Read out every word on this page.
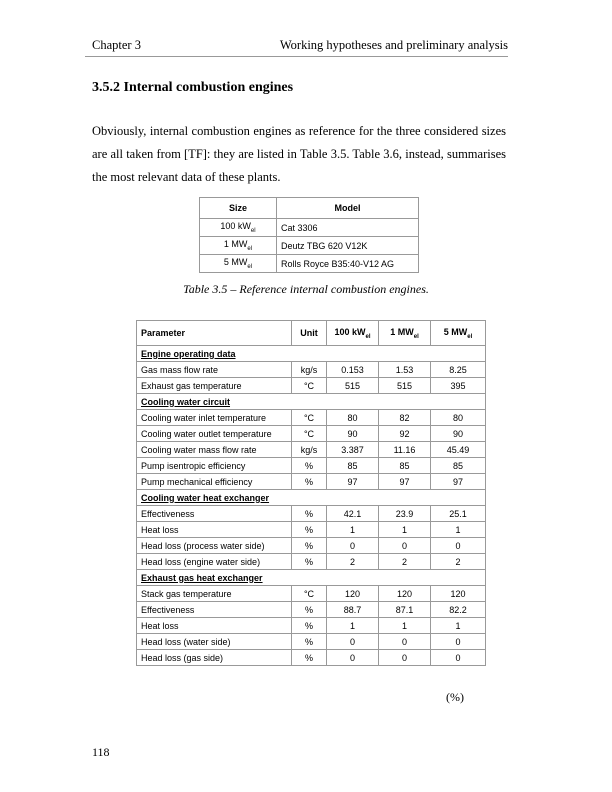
Chapter 3	Working hypotheses and preliminary analysis
3.5.2 Internal combustion engines
Obviously, internal combustion engines as reference for the three considered sizes are all taken from [TF]: they are listed in Table 3.5. Table 3.6, instead, summarises the most relevant data of these plants.
Size	Model
100 $kW_{el}$	Cat 3306
1 $MW_{el}$	Deutz TBG 620 V12K
5 $MW_{el}$	Rolls Royce B35:40-V12 AG
Table 3.5 – Reference internal combustion engines.
Parameter	Unit	100 $kW_{el}$	1 $MW_{el}$	5 $MW_{el}$
Engine operating data				
Gas mass flow rate	kg/s	0.153	1.53	8.25
Exhaust gas temperature	°C	515	515	395
Cooling water circuit				
Cooling water inlet temperature	°C	80	82	80
Cooling water outlet temperature	°C	90	92	90
Cooling water mass flow rate	kg/s	3.387	11.16	45.49
Pump isentropic efficiency	%	85	85	85
Pump mechanical efficiency	%	97	97	97
Cooling water heat exchanger				
Effectiveness	%	42.1	23.9	25.1
Heat loss	%	1	1	1
Head loss (process water side)	%	0	0	0
Head loss (engine water side)	%	2	2	2
Exhaust gas heat exchanger				
Stack gas temperature	°C	120	120	120
Effectiveness	%	88.7	87.1	82.2
Heat loss	%	1	1	1
Head loss (water side)	%	0	0	0
Head loss (gas side)	%	0	0	0
(%)
118
